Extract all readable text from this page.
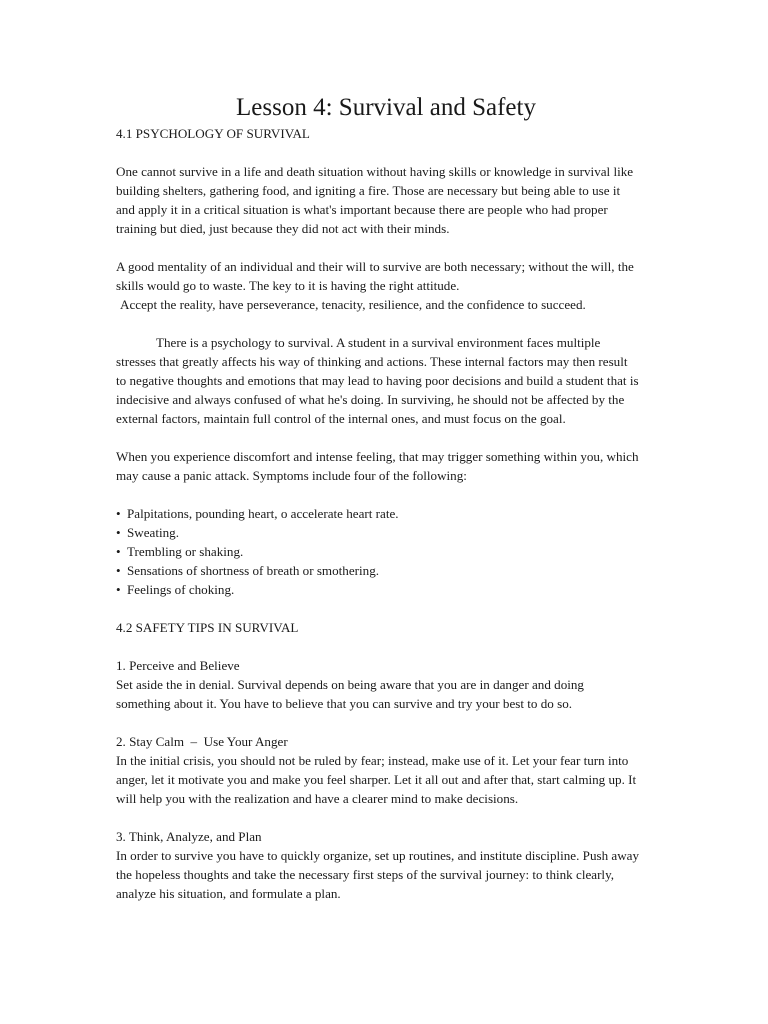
Lesson 4: Survival and Safety

4.1 PSYCHOLOGY OF SURVIVAL

One cannot survive in a life and death situation without having skills or knowledge in survival like

building shelters, gathering food, and igniting a fire. Those are necessary but being able to use it

and apply it in a critical situation is what's important because there are people who had proper

training but died, just because they did not act with their minds.

A good mentality of an individual and their will to survive are both necessary; without the will, the

skills would go to waste. The key to it is having the right attitude.

Accept the reality, have perseverance, tenacity, resilience, and the confidence to succeed.

There is a psychology to survival. A student in a survival environment faces multiple

stresses that greatly affects his way of thinking and actions. These internal factors may then result

to negative thoughts and emotions that may lead to having poor decisions and build a student that is

indecisive and always confused of what he's doing. In surviving, he should not be affected by the

external factors, maintain full control of the internal ones, and must focus on the goal.

When you experience discomfort and intense feeling, that may trigger something within you, which

may cause a panic attack. Symptoms include four of the following:

• Palpitations, pounding heart, o accelerate heart rate.
• Sweating.
• Trembling or shaking.
• Sensations of shortness of breath or smothering.
• Feelings of choking.

4.2 SAFETY TIPS IN SURVIVAL

1. Perceive and Believe

Set aside the in denial. Survival depends on being aware that you are in danger and doing

something about it. You have to believe that you can survive and try your best to do so.

2. Stay Calm  –  Use Your Anger

In the initial crisis, you should not be ruled by fear; instead, make use of it. Let your fear turn into

anger, let it motivate you and make you feel sharper. Let it all out and after that, start calming up. It

will help you with the realization and have a clearer mind to make decisions.

3. Think, Analyze, and Plan

In order to survive you have to quickly organize, set up routines, and institute discipline. Push away

the hopeless thoughts and take the necessary first steps of the survival journey: to think clearly,

analyze his situation, and formulate a plan.
